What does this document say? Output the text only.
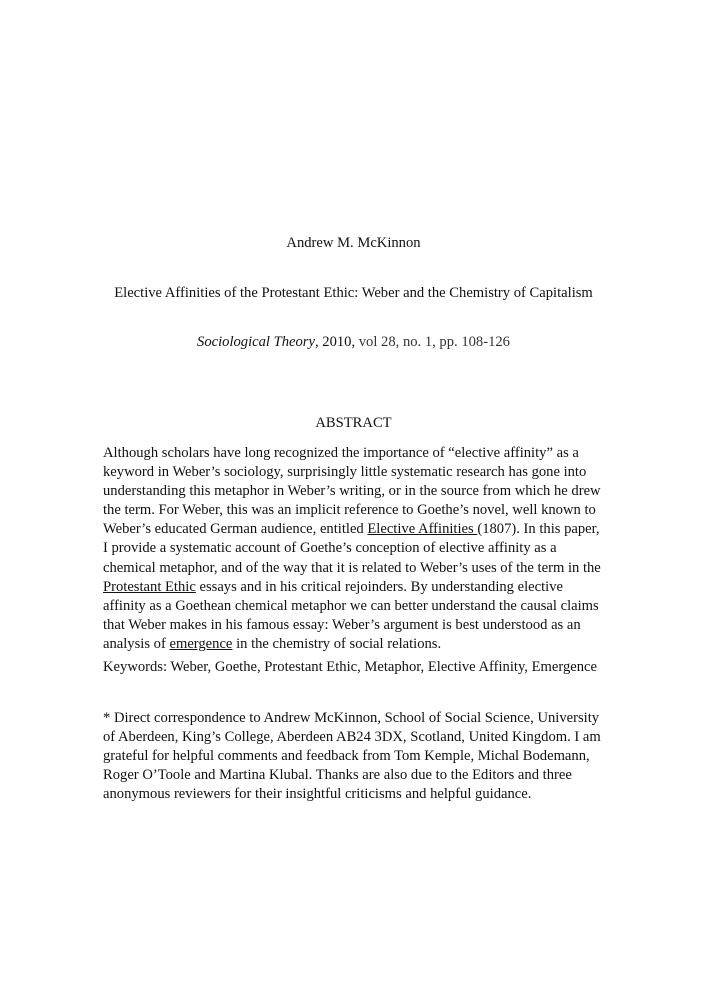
Andrew M. McKinnon
Elective Affinities of the Protestant Ethic: Weber and the Chemistry of Capitalism
Sociological Theory, 2010, vol 28, no. 1, pp. 108-126
ABSTRACT
Although scholars have long recognized the importance of “elective affinity” as a keyword in Weber’s sociology, surprisingly little systematic research has gone into understanding this metaphor in Weber’s writing, or in the source from which he drew the term. For Weber, this was an implicit reference to Goethe’s novel, well known to Weber’s educated German audience, entitled Elective Affinities (1807). In this paper, I provide a systematic account of Goethe’s conception of elective affinity as a chemical metaphor, and of the way that it is related to Weber’s uses of the term in the Protestant Ethic essays and in his critical rejoinders. By understanding elective affinity as a Goethean chemical metaphor we can better understand the causal claims that Weber makes in his famous essay: Weber’s argument is best understood as an analysis of emergence in the chemistry of social relations.
Keywords: Weber, Goethe, Protestant Ethic, Metaphor, Elective Affinity, Emergence
* Direct correspondence to Andrew McKinnon, School of Social Science, University of Aberdeen, King’s College, Aberdeen AB24 3DX, Scotland, United Kingdom. I am grateful for helpful comments and feedback from Tom Kemple, Michal Bodemann, Roger O’Toole and Martina Klubal. Thanks are also due to the Editors and three anonymous reviewers for their insightful criticisms and helpful guidance.
